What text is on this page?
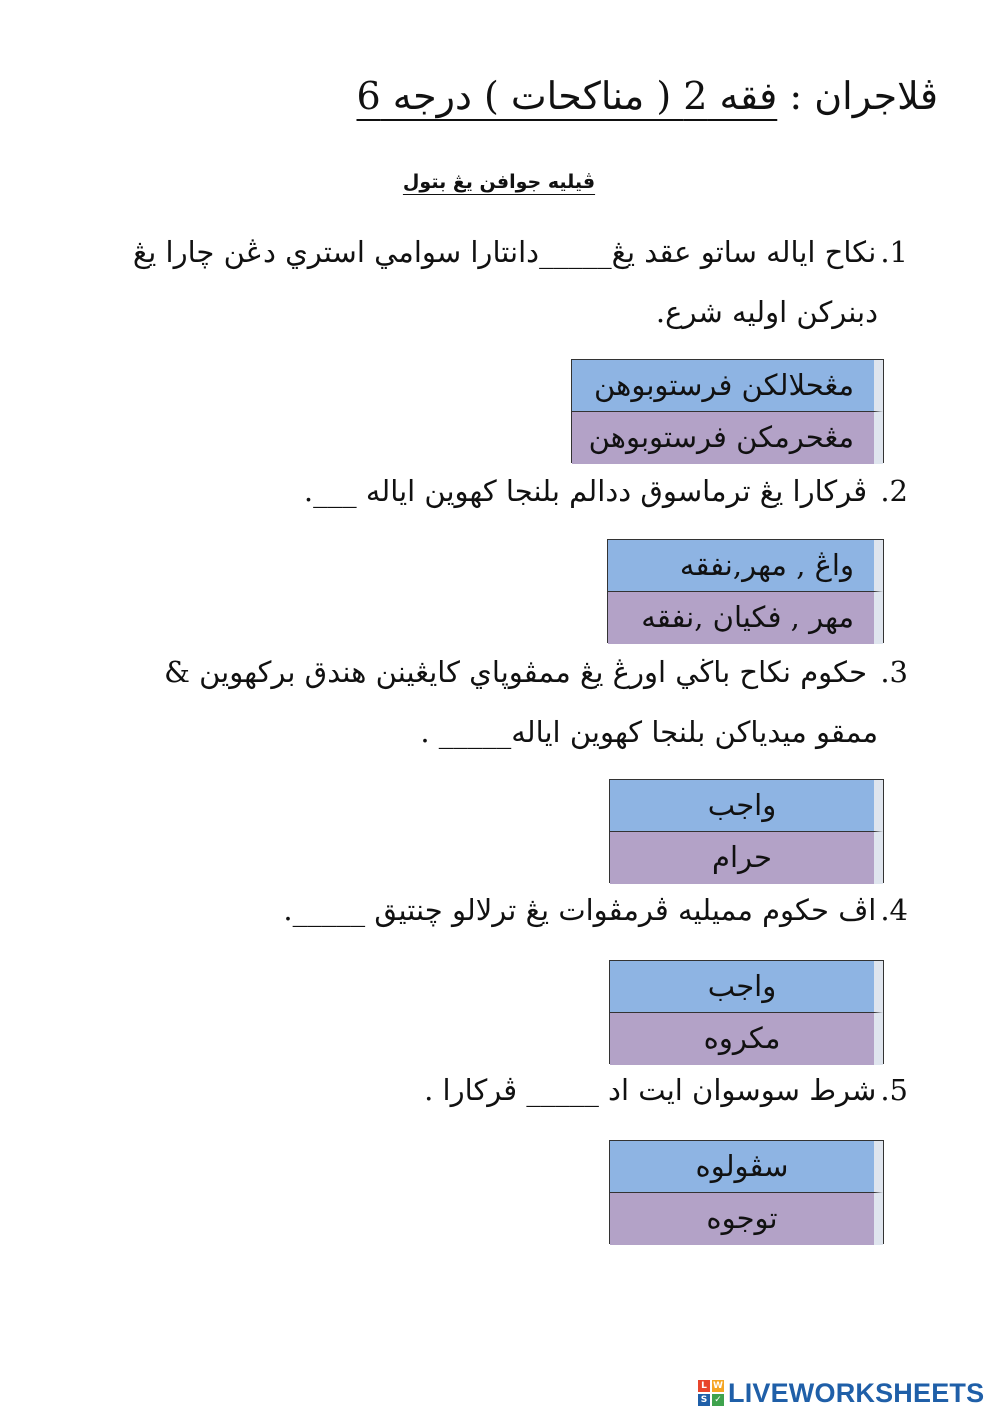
ڤلاجران : فقه 2 ( مناكحات ) درجه 6
ڤيليه جوافن يڠ بتول
1.نكاح اياله ساتو عقد يڠ_____دانتارا سوامي استري دڠن چارا يڠ
دبنرکن اوليه شرع.
مڠحلالكن فرستوبوهن
مڠحرمكن فرستوبوهن
2. ڤركارا يڠ ترماسوق ددالم بلنجا كهوين اياله ___.
واڠ , مهر,نفقه
مهر , فكيان ,نفقه
3. حكوم نكاح باڬي اورڠ يڠ ممڤوڽاي كايڠينن هندق بركهوين &
ممقو ميدياكن بلنجا كهوين اياله_____ .
واجب
حرام
4.اڤ حكوم مميليه ڤرمڤوات يڠ ترلالو چنتيق _____.
واجب
مكروه
5.شرط سوسوان ايت اد _____ ڤركارا .
سڤولوه
توجوه
L W
S ✓ LIVEWORKSHEETS
